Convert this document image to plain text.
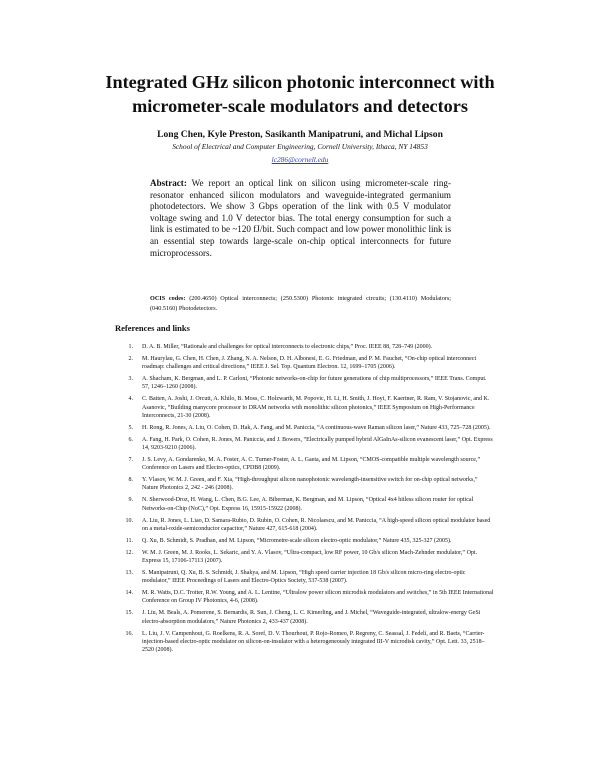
Integrated GHz silicon photonic interconnect with
micrometer-scale modulators and detectors
Long Chen, Kyle Preston, Sasikanth Manipatruni, and Michal Lipson
School of Electrical and Computer Engineering, Cornell University, Ithaca, NY 14853
lc286@cornell.edu

Abstract: We report an optical link on silicon using micrometer-scale ring-resonator enhanced silicon modulators and waveguide-integrated germanium photodetectors. We show 3 Gbps operation of the link with 0.5 V modulator voltage swing and 1.0 V detector bias. The total energy consumption for such a link is estimated to be ~120 fJ/bit. Such compact and low power monolithic link is an essential step towards large-scale on-chip optical interconnects for future microprocessors.

OCIS codes: (200.4650) Optical interconnects; (250.5300) Photonic integrated circuits; (130.4110) Modulators; (040.5160) Photodetectors.

References and links
1. D. A. B. Miller, “Rationale and challenges for optical interconnects to electronic chips,” Proc. IEEE 88, 728–749 (2000).
2. M. Haurylau, G. Chen, H. Chen, J. Zhang, N. A. Nelson, D. H. Albonesi, E. G. Friedman, and P. M. Fauchet, “On-chip optical interconnect roadmap: challenges and critical directions,” IEEE J. Sel. Top. Quantum Electron. 12, 1699–1705 (2006).
3. A. Shacham, K. Bergman, and L. P. Carloni, “Photonic networks-on-chip for future generations of chip multiprocessors,” IEEE Trans. Comput. 57, 1246–1260 (2008).
4. C. Batten, A. Joshi, J. Orcutt, A. Khilo, B. Moss, C. Holzwarth, M. Popovic, H. Li, H. Smith, J. Hoyt, F. Kaertner, R. Ram, V. Stojanovic, and K. Asanovic, “Building manycore processor to DRAM networks with monolithic silicon photonics,” IEEE Symposium on High-Performance Interconnects, 21-30 (2008).
5. H. Rong, R. Jones, A. Liu, O. Cohen, D. Hak, A. Fang, and M. Paniccia, “A continuous-wave Raman silicon laser,” Nature 433, 725–728 (2005).
6. A. Fang, H. Park, O. Cohen, R. Jones, M. Paniccia, and J. Bowers, “Electrically pumped hybrid AlGaInAs-silicon evanescent laser,” Opt. Express 14, 9203-9210 (2006).
7. J. S. Levy, A. Gondarenko, M. A. Foster, A. C. Turner-Foster, A. L. Gaeta, and M. Lipson, “CMOS-compatible multiple wavelength source,” Conference on Lasers and Electro-optics, CPDB8 (2009).
8. Y. Vlasov, W. M. J. Green, and F. Xia, “High-throughput silicon nanophotonic wavelength-insensitive switch for on-chip optical networks,” Nature Photonics 2, 242 - 246 (2008).
9. N. Sherwood-Droz, H. Wang, L. Chen, B.G. Lee, A. Biberman, K. Bergman, and M. Lipson, “Optical 4x4 hitless silicon router for optical Networks-on-Chip (NoC),” Opt. Express 16, 15915-15922 (2008).
10. A. Liu, R. Jones, L. Liao, D. Samara-Rubio, D. Rubin, O. Cohen, R. Nicolaescu, and M. Paniccia, “A high-speed silicon optical modulator based on a metal-oxide-semiconductor capacitor,” Nature 427, 615-618 (2004).
11. Q. Xu, B. Schmidt, S. Pradhan, and M. Lipson, “Micrometre-scale silicon electro-optic modulator,” Nature 435, 325-327 (2005).
12. W. M. J. Green, M. J. Rooks, L. Sekaric, and Y. A. Vlasov, “Ultra-compact, low RF power, 10 Gb/s silicon Mach-Zehnder modulator,” Opt. Express 15, 17106-17113 (2007).
13. S. Manipatruni, Q. Xu, B. S. Schmidt, J. Shakya, and M. Lipson, “High speed carrier injection 18 Gb/s silicon micro-ring electro-optic modulator,” IEEE Proceedings of Lasers and Electro-Optics Society, 537-538 (2007).
14. M. R. Watts, D.C. Trotter, R.W. Young, and A. L. Lentine, “Ultralow power silicon microdisk modulators and switches,” in 5th IEEE International Conference on Group IV Photonics, 4-6, (2008).
15. J. Liu, M. Beals, A. Pomerene, S. Bernardis, R. Sun, J. Cheng, L. C. Kimerling, and J. Michel, “Waveguide-integrated, ultralow-energy GeSi electro-absorption modulators,” Nature Photonics 2, 433-437 (2008).
16. L. Liu, J. V. Campenhout, G. Roelkens, R. A. Soref, D. V. Thourhout, P. Rojo-Romeo, P. Regreny, C. Seassal, J. Fedeli, and R. Baets, “Carrier-injection-based electro-optic modulator on silicon-on-insulator with a heterogeneously integrated III-V microdisk cavity,” Opt. Lett. 33, 2518–2520 (2008).
